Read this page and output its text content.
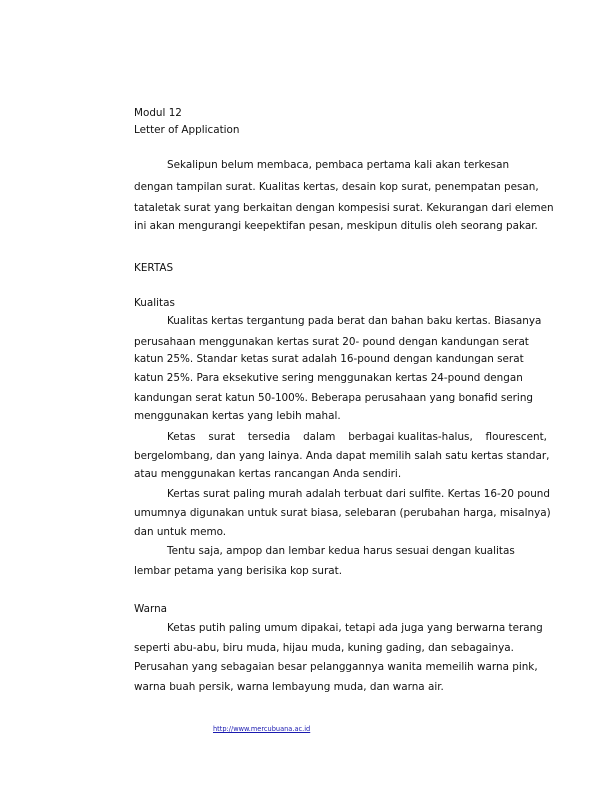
Modul 12
Letter of Application
Sekalipun belum membaca, pembaca pertama kali akan terkesan
dengan tampilan surat. Kualitas kertas, desain kop surat, penempatan pesan,
tataletak surat yang berkaitan dengan kompesisi surat. Kekurangan dari elemen
ini akan mengurangi keepektifan pesan, meskipun ditulis oleh seorang pakar.
KERTAS
Kualitas
Kualitas kertas tergantung pada berat dan bahan baku kertas. Biasanya
perusahaan menggunakan kertas surat 20- pound dengan kandungan serat
katun 25%. Standar ketas surat adalah 16-pound dengan kandungan serat
katun 25%. Para eksekutive sering menggunakan kertas 24-pound dengan
kandungan serat katun 50-100%. Beberapa perusahaan yang bonafid sering
menggunakan kertas yang lebih mahal.
Ketas surat tersedia dalam berbagai kualitas-halus, flourescent,
bergelombang, dan yang lainya. Anda dapat memilih salah satu kertas standar,
atau menggunakan kertas rancangan Anda sendiri.
Kertas surat paling murah adalah terbuat dari sulfite. Kertas 16-20 pound
umumnya digunakan untuk surat biasa, selebaran (perubahan harga, misalnya)
dan untuk memo.
Tentu saja, ampop dan lembar kedua harus sesuai dengan kualitas
lembar petama yang berisika kop surat.
Warna
Ketas putih paling umum dipakai, tetapi ada juga yang berwarna terang
seperti abu-abu, biru muda, hijau muda, kuning gading, dan sebagainya.
Perusahan yang sebagaian besar pelanggannya wanita memeilih warna pink,
warna buah persik, warna lembayung muda, dan warna air.
http://www.mercubuana.ac.id
